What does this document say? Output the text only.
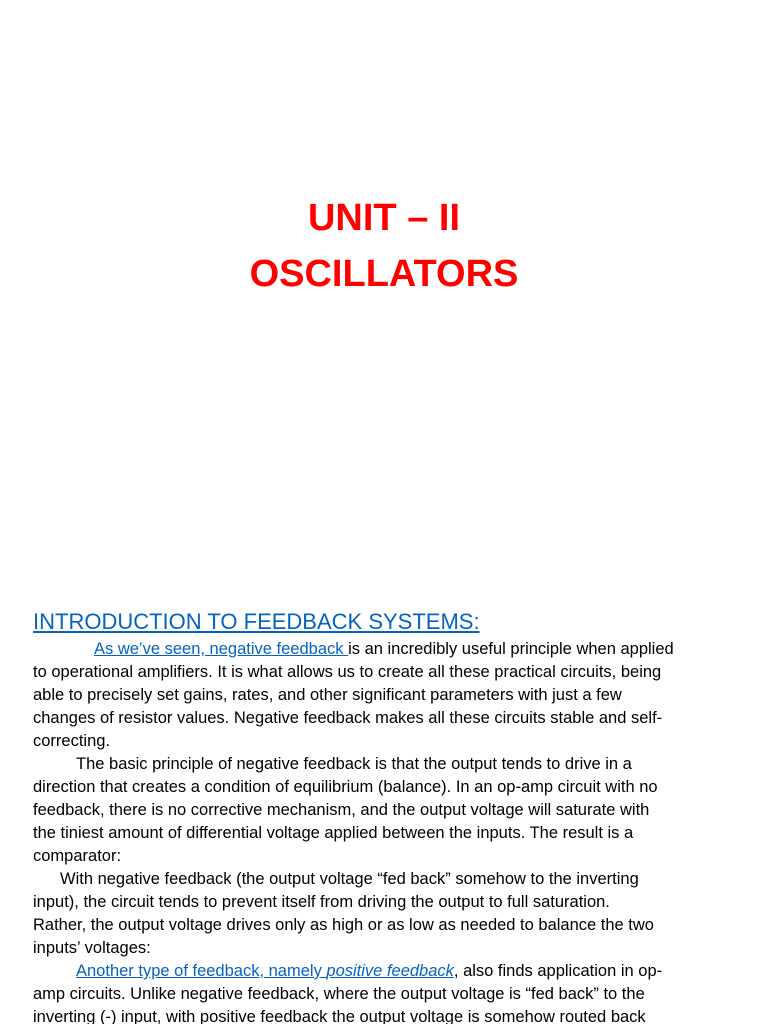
UNIT – II
OSCILLATORS
INTRODUCTION TO FEEDBACK SYSTEMS:
As we’ve seen, negative feedback is an incredibly useful principle when applied
to operational amplifiers. It is what allows us to create all these practical circuits, being
able to precisely set gains, rates, and other significant parameters with just a few
changes of resistor values. Negative feedback makes all these circuits stable and self-
correcting.
The basic principle of negative feedback is that the output tends to drive in a
direction that creates a condition of equilibrium (balance). In an op-amp circuit with no
feedback, there is no corrective mechanism, and the output voltage will saturate with
the tiniest amount of differential voltage applied between the inputs. The result is a
comparator:
With negative feedback (the output voltage “fed back” somehow to the inverting
input), the circuit tends to prevent itself from driving the output to full saturation.
Rather, the output voltage drives only as high or as low as needed to balance the two
inputs’ voltages:
Another type of feedback, namely positive feedback, also finds application in op-
amp circuits. Unlike negative feedback, where the output voltage is “fed back” to the
inverting (-) input, with positive feedback the output voltage is somehow routed back
